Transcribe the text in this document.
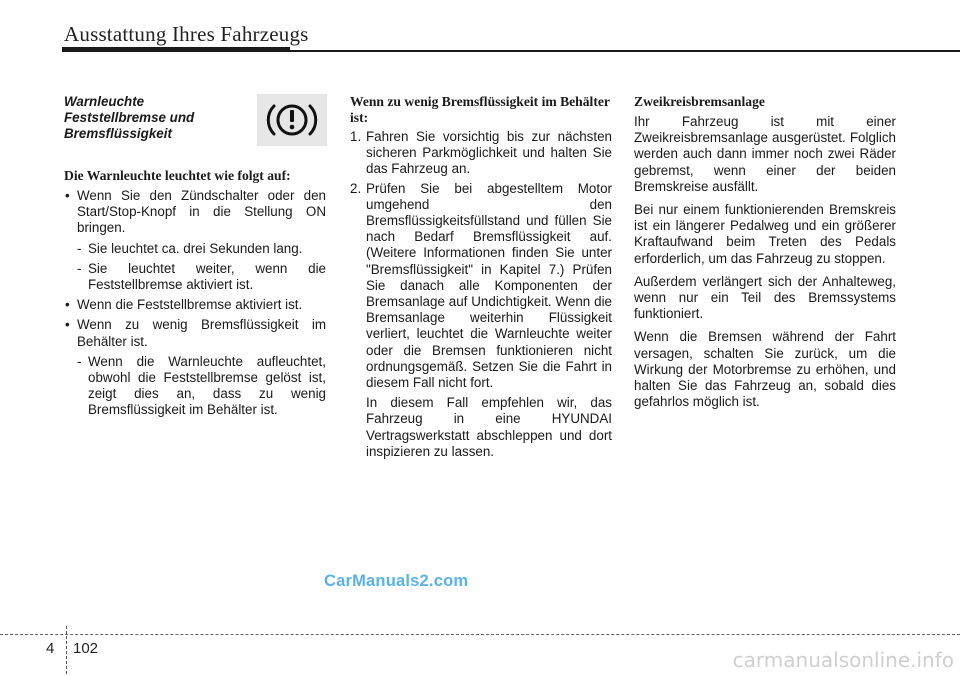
Ausstattung Ihres Fahrzeugs
Warnleuchte
Feststellbremse und
Bremsflüssigkeit

Die Warnleuchte leuchtet wie folgt auf:

• Wenn Sie den Zündschalter oder den Start/Stop-Knopf in die Stellung ON bringen.
- Sie leuchtet ca. drei Sekunden lang.
- Sie leuchtet weiter, wenn die Feststellbremse aktiviert ist.
• Wenn die Feststellbremse aktiviert ist.
• Wenn zu wenig Bremsflüssigkeit im Behälter ist.
- Wenn die Warnleuchte aufleuchtet, obwohl die Feststellbremse gelöst ist, zeigt dies an, dass zu wenig Bremsflüssigkeit im Behälter ist.

Wenn zu wenig Bremsflüssigkeit im Behälter ist:

1. Fahren Sie vorsichtig bis zur nächsten sicheren Parkmöglichkeit und halten Sie das Fahrzeug an.
2. Prüfen Sie bei abgestelltem Motor umgehend den Bremsflüssigkeitsfüllstand und füllen Sie nach Bedarf Bremsflüssigkeit auf. (Weitere Informationen finden Sie unter "Bremsflüssigkeit" in Kapitel 7.) Prüfen Sie danach alle Komponenten der Bremsanlage auf Undichtigkeit. Wenn die Bremsanlage weiterhin Flüssigkeit verliert, leuchtet die Warnleuchte weiter oder die Bremsen funktionieren nicht ordnungsgemäß. Setzen Sie die Fahrt in diesem Fall nicht fort.

In diesem Fall empfehlen wir, das Fahrzeug in eine HYUNDAI Vertragswerkstatt abschleppen und dort inspizieren zu lassen.

Zweikreisbremsanlage

Ihr Fahrzeug ist mit einer Zweikreisbremsanlage ausgerüstet. Folglich werden auch dann immer noch zwei Räder gebremst, wenn einer der beiden Bremskreise ausfällt.

Bei nur einem funktionierenden Bremskreis ist ein längerer Pedalweg und ein größerer Kraftaufwand beim Treten des Pedals erforderlich, um das Fahrzeug zu stoppen.

Außerdem verlängert sich der Anhalteweg, wenn nur ein Teil des Bremssystems funktioniert.

Wenn die Bremsen während der Fahrt versagen, schalten Sie zurück, um die Wirkung der Motorbremse zu erhöhen, und halten Sie das Fahrzeug an, sobald dies gefahrlos möglich ist.

CarManuals2.com
4 102	carmanualsonline.info
